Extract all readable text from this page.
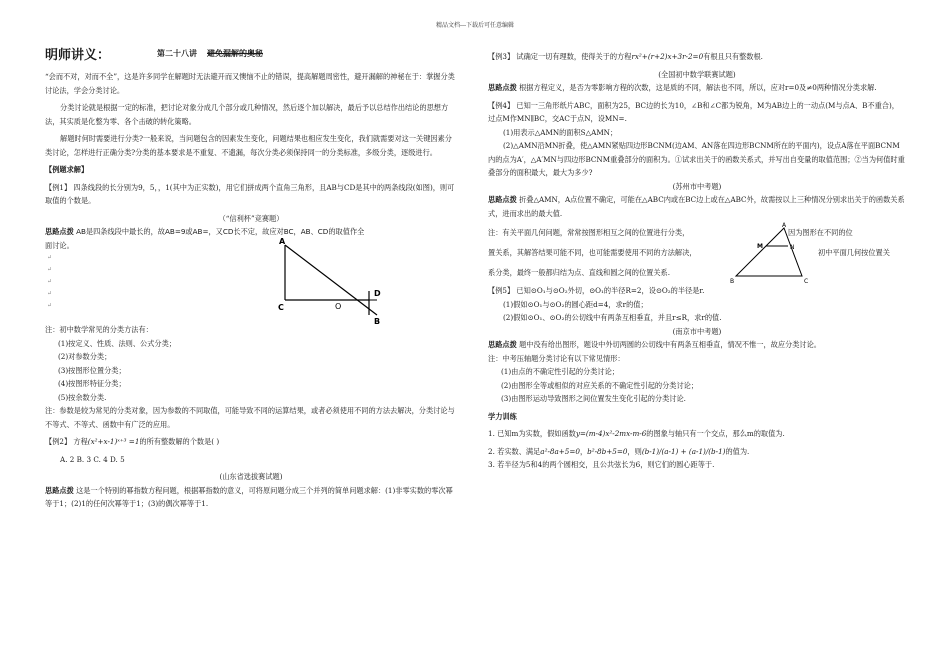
精品文档---下载后可任意编辑
明师讲义：	第二十八讲 避免漏解的奥秘

“会而不对，对而不全”，这是许多同学在解题时无法避开而又懊恼不止的错误，提高解题周密性，避开漏解的神秘在于：掌握分类讨论法，学会分类讨论。

分类讨论就是根据一定的标准，把讨论对象分成几个部分或几种情况，然后逐个加以解决，最后予以总结作出结论的思想方法，其实质是化整为零、各个击破的转化策略。

解题时何时需要进行分类?一般来说，当问题包含的因素发生变化，问题结果也相应发生变化，我们就需要对这一关键因素分类讨论，怎样进行正确分类?分类的基本要求是不重复、不遗漏，每次分类必须保持同一的分类标准，多级分类，逐级进行。

【例题求解】

【例1】 四条线段的长分别为9，5，，1(其中为正实数)，用它们拼成两个直角三角形，且AB与CD是其中的两条线段(如图)，则可取值的个数是。

（“信利杯”竞赛题）

思路点拨 AB是四条线段中最长的，故AB=9或AB=，又CD长不定，故应对BC，AB、CD的取值作全面讨论。

↵
↵
↵
↵
↵
A
C	O
D
B

注：初中数学常见的分类方法有：

(1)按定义、性质、法则、公式分类；

(2)对参数分类；

(3)按图形位置分类；

(4)按图形特征分类；

(5)按余数分类.

注：参数是较为常见的分类对象，因为参数的不同取值，可能导致不同的运算结果，或者必须使用不同的方法去解决，分类讨论与不等式、不等式、函数中有广泛的应用。

【例2】 方程(x²+x-1)ˣ⁺³ =1的所有整数解的个数是( )

A. 2 B. 3 C. 4 D. 5

(山东省选拔赛试题)

思路点拨 这是一个特别的幂指数方程问题，根据幂指数的意义，可将原问题分成三个并列的简单问题求解：(1)非零实数的零次幂等于1；(2)1的任何次幂等于1；(3)的偶次幂等于1.

【例3】 试确定一切有理数，使得关于的方程rx²+(r+2)x+3r-2=0有根且只有整数根.

(全国初中数学联赛试题)

思路点拨 根据方程定义，是否为零影响方程的次数，这是质的不同，解法也不同，所以，应对r=0及≠0两种情况分类求解.

【例4】 已知一三角形纸片ABC，面积为25，BC边的长为10，∠B和∠C都为锐角，M为AB边上的一动点(M与点A、B不重合)，过点M作MN∥BC，交AC于点N，设MN=.

(1)用表示△AMN的面积S△AMN；

(2)△AMN沿MN折叠，使△AMN紧贴四边形BCNM(边AM、AN落在四边形BCNM所在的平面内)，设点A落在平面BCNM内的点为A′，△A′MN与四边形BCNM重叠部分的面积为。①试求出关于的函数关系式，并写出自变量的取值范围；②当为何值时重叠部分的面积最大，最大为多少?

(苏州市中考题)

思路点拨 折叠△AMN，A点位置不确定，可能在△ABC内或在BC边上或在△ABC外，故需按以上三种情况分别求出关于的函数关系式，进而求出的最大值.

注：有关平面几何问题，常常按图形相互之间的位置进行分类，	因为图形在不同的位

置关系，其解答结果可能不同，也可能需要使用不同的方法解决，	初中平面几何按位置关

系分类，最终一般都归结为点、直线和圆之间的位置关系.

A
M	N
B	C

【例5】 已知⊙O₁与⊙O₂外切，⊙O₁的半径R=2，设⊙O₂的半径是r.

(1)假如⊙O₁与⊙O₂的圆心距d=4，求r的值；

(2)假如⊙O₁、⊙O₂的公切线中有两条互相垂直，并且r≤R，求r的值.

(南京市中考题)

思路点拨 题中没有给出图形，题设中外切两圆的公切线中有两条互相垂直，情况不惟一，故应分类讨论。

注：中考压轴题分类讨论有以下常见情形：

(1)由点的不确定性引起的分类讨论；

(2)由图形全等或相似的对应关系的不确定性引起的分类讨论；

(3)由图形运动导致图形之间位置发生变化引起的分类讨论.

学力训练

1. 已知m为实数，假如函数y=(m-4)x²-2mx-m-6的图象与轴只有一个交点，那么m的取值为.

2. 若实数、满足a²-8a+5=0，b²-8b+5=0，则(b-1)/(a-1) + (a-1)/(b-1)的值为.

3. 若半径为5和4的两个圆相交，且公共弦长为6，则它们的圆心距等于.
